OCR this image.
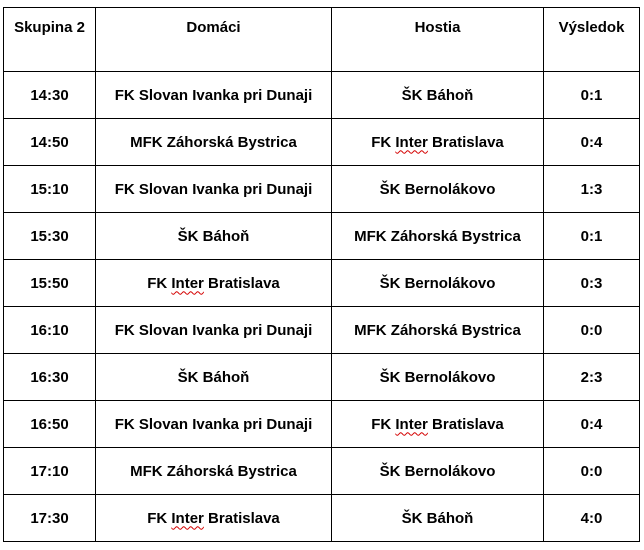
Skupina 2	Domáci	Hostia	Výsledok
14:30	FK Slovan Ivanka pri Dunaji	ŠK Báhoň	0:1
14:50	MFK Záhorská Bystrica	FK Inter Bratislava	0:4
15:10	FK Slovan Ivanka pri Dunaji	ŠK Bernolákovo	1:3
15:30	ŠK Báhoň	MFK Záhorská Bystrica	0:1
15:50	FK Inter Bratislava	ŠK Bernolákovo	0:3
16:10	FK Slovan Ivanka pri Dunaji	MFK Záhorská Bystrica	0:0
16:30	ŠK Báhoň	ŠK Bernolákovo	2:3
16:50	FK Slovan Ivanka pri Dunaji	FK Inter Bratislava	0:4
17:10	MFK Záhorská Bystrica	ŠK Bernolákovo	0:0
17:30	FK Inter Bratislava	ŠK Báhoň	4:0
